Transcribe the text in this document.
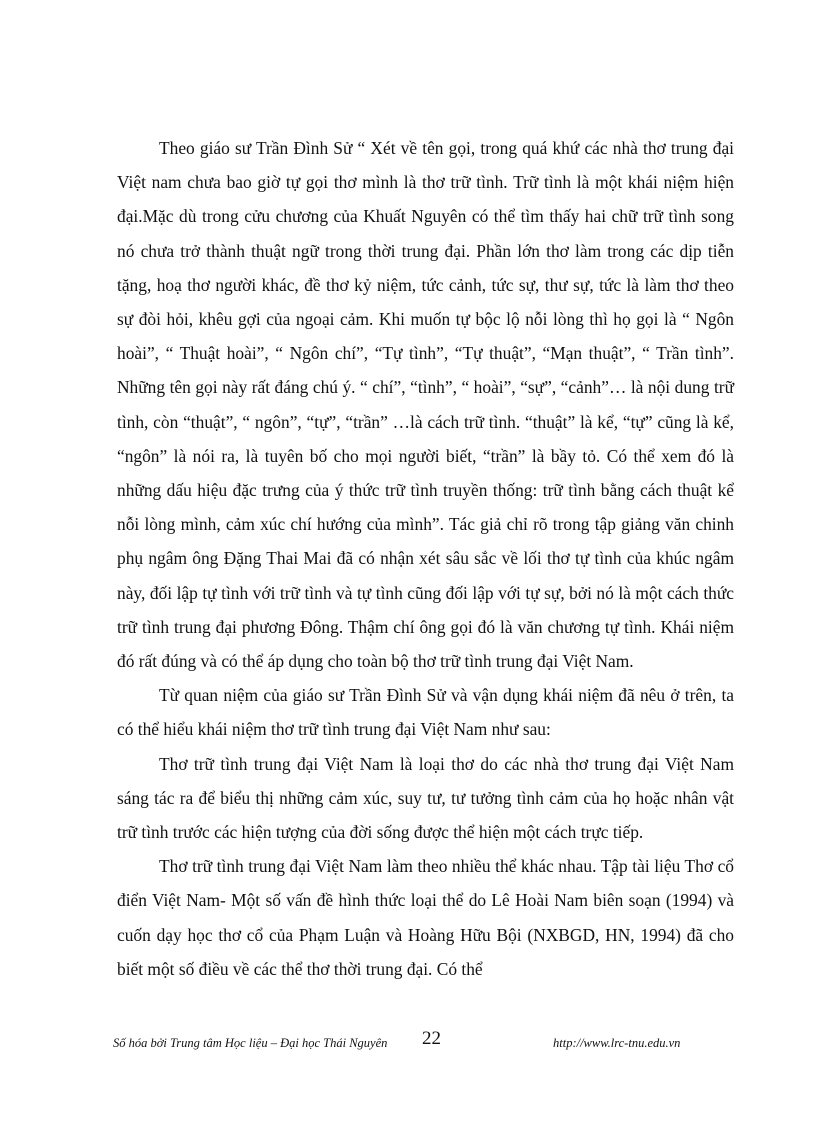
Theo giáo sư Trần Đình Sử “ Xét về tên gọi, trong quá khứ các nhà thơ trung đại Việt nam chưa bao giờ tự gọi thơ mình là thơ trữ tình. Trữ tình là một khái niệm hiện đại.Mặc dù trong cửu chương của Khuất Nguyên có thể tìm thấy hai chữ trữ tình song nó chưa trở thành thuật ngữ trong thời trung đại. Phần lớn thơ làm trong các dịp tiễn tặng, hoạ thơ người khác, đề thơ kỷ niệm, tức cảnh, tức sự, thư sự, tức là làm thơ theo sự đòi hỏi, khêu gợi của ngoại cảm. Khi muốn tự bộc lộ nỗi lòng thì họ gọi là “ Ngôn hoài”, “ Thuật hoài”, “ Ngôn chí”, “Tự tình”, “Tự thuật”, “Mạn thuật”, “ Trần tình”. Những tên gọi này rất đáng chú ý. “ chí”, “tình”, “ hoài”, “sự”, “cảnh”… là nội dung trữ tình, còn “thuật”, “ ngôn”, “tự”, “trần” …là cách trữ tình. “thuật” là kể, “tự” cũng là kể, “ngôn” là nói ra, là tuyên bố cho mọi người biết, “trần” là bầy tỏ. Có thể xem đó là những dấu hiệu đặc trưng của ý thức trữ tình truyền thống: trữ tình bằng cách thuật kể nỗi lòng mình, cảm xúc chí hướng của mình”. Tác giả chỉ rõ trong tập giảng văn chinh phụ ngâm ông Đặng Thai Mai đã có nhận xét sâu sắc về lối thơ tự tình của khúc ngâm này, đối lập tự tình với trữ tình và tự tình cũng đối lập với tự sự, bởi nó là một cách thức trữ tình trung đại phương Đông. Thậm chí ông gọi đó là văn chương tự tình. Khái niệm đó rất đúng và có thể áp dụng cho toàn bộ thơ trữ tình trung đại Việt Nam.

Từ quan niệm của giáo sư Trần Đình Sử và vận dụng khái niệm đã nêu ở trên, ta có thể hiểu khái niệm thơ trữ tình trung đại Việt Nam như sau:

Thơ trữ tình trung đại Việt Nam là loại thơ do các nhà thơ trung đại Việt Nam sáng tác ra để biểu thị những cảm xúc, suy tư, tư tưởng tình cảm của họ hoặc nhân vật trữ tình trước các hiện tượng của đời sống được thể hiện một cách trực tiếp.

Thơ trữ tình trung đại Việt Nam làm theo nhiều thể khác nhau. Tập tài liệu Thơ cổ điển Việt Nam- Một số vấn đề hình thức loại thể do Lê Hoài Nam biên soạn (1994) và cuốn dạy học thơ cổ của Phạm Luận và Hoàng Hữu Bội (NXBGD, HN, 1994) đã cho biết một số điều về các thể thơ thời trung đại. Có thể

Số hóa bởi Trung tâm Học liệu – Đại học Thái Nguyên 22	http://www.lrc-tnu.edu.vn
